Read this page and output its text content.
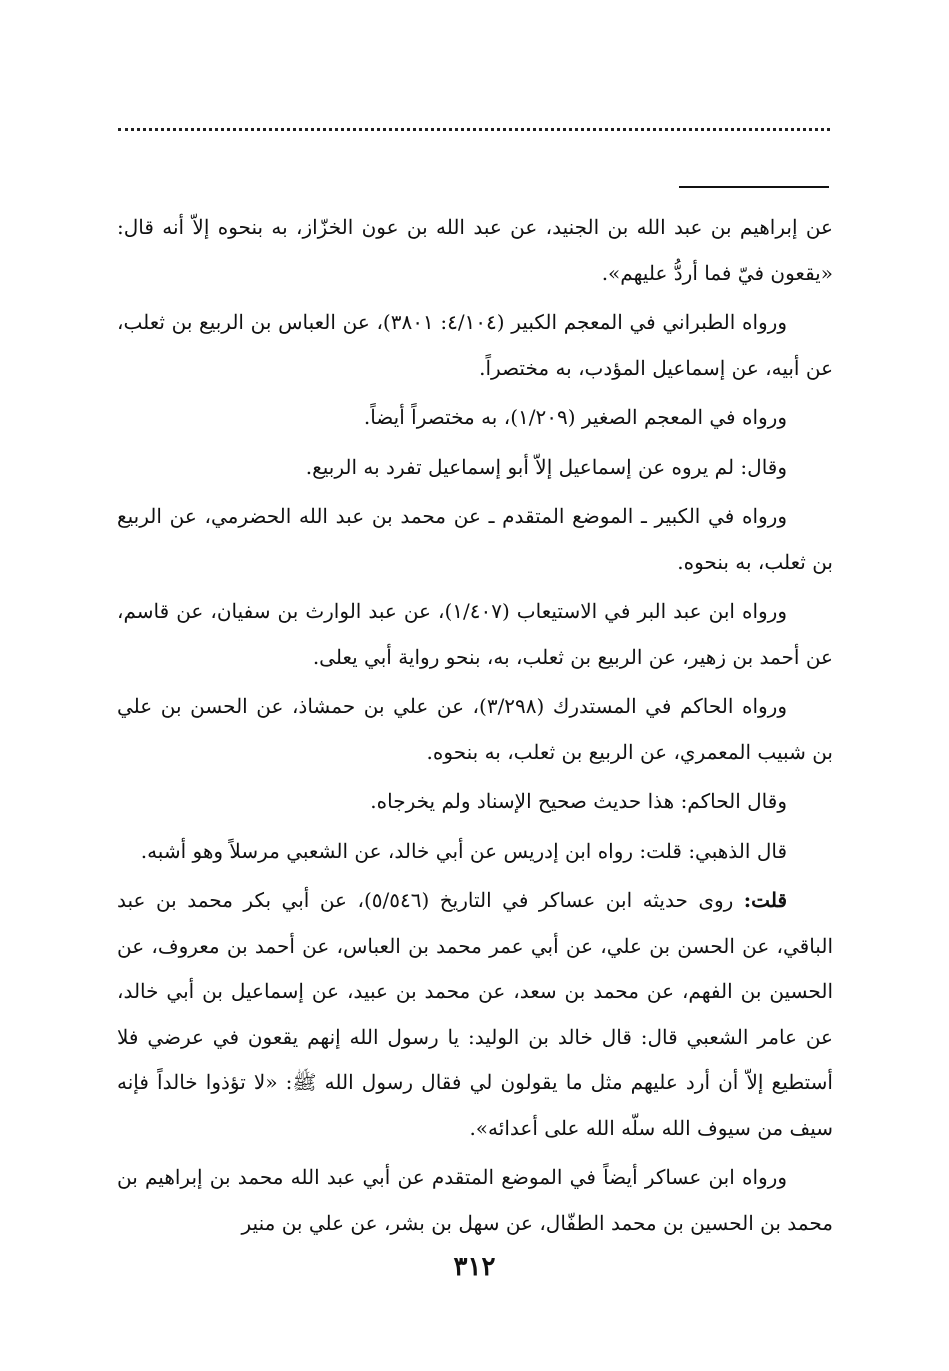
عن إبراهيم بن عبد الله بن الجنيد، عن عبد الله بن عون الخزّاز، به بنحوه إلاّ أنه قال: «يقعون فيّ فما أردُّ عليهم».

ورواه الطبراني في المعجم الكبير (٤/١٠٤: ٣٨٠١)، عن العباس بن الربيع بن ثعلب، عن أبيه، عن إسماعيل المؤدب، به مختصراً.

ورواه في المعجم الصغير (١/٢٠٩)، به مختصراً أيضاً.

وقال: لم يروه عن إسماعيل إلاّ أبو إسماعيل تفرد به الربيع.

ورواه في الكبير ـ الموضع المتقدم ـ عن محمد بن عبد الله الحضرمي، عن الربيع بن ثعلب، به بنحوه.

ورواه ابن عبد البر في الاستيعاب (١/٤٠٧)، عن عبد الوارث بن سفيان، عن قاسم، عن أحمد بن زهير، عن الربيع بن ثعلب، به، بنحو رواية أبي يعلى.

ورواه الحاكم في المستدرك (٣/٢٩٨)، عن علي بن حمشاذ، عن الحسن بن علي بن شبيب المعمري، عن الربيع بن ثعلب، به بنحوه.

وقال الحاكم: هذا حديث صحيح الإسناد ولم يخرجاه.

قال الذهبي: قلت: رواه ابن إدريس عن أبي خالد، عن الشعبي مرسلاً وهو أشبه.

قلت: روى حديثه ابن عساكر في التاريخ (٥/٥٤٦)، عن أبي بكر محمد بن عبد الباقي، عن الحسن بن علي، عن أبي عمر محمد بن العباس، عن أحمد بن معروف، عن الحسين بن الفهم، عن محمد بن سعد، عن محمد بن عبيد، عن إسماعيل بن أبي خالد، عن عامر الشعبي قال: قال خالد بن الوليد: يا رسول الله إنهم يقعون في عرضي فلا أستطيع إلاّ أن أرد عليهم مثل ما يقولون لي فقال رسول الله ﷺ: «لا تؤذوا خالداً فإنه سيف من سيوف الله سلّه الله على أعدائه».

ورواه ابن عساكر أيضاً في الموضع المتقدم عن أبي عبد الله محمد بن إبراهيم بن محمد بن الحسين بن محمد الطفّال، عن سهل بن بشر، عن علي بن منير

٣١٢
